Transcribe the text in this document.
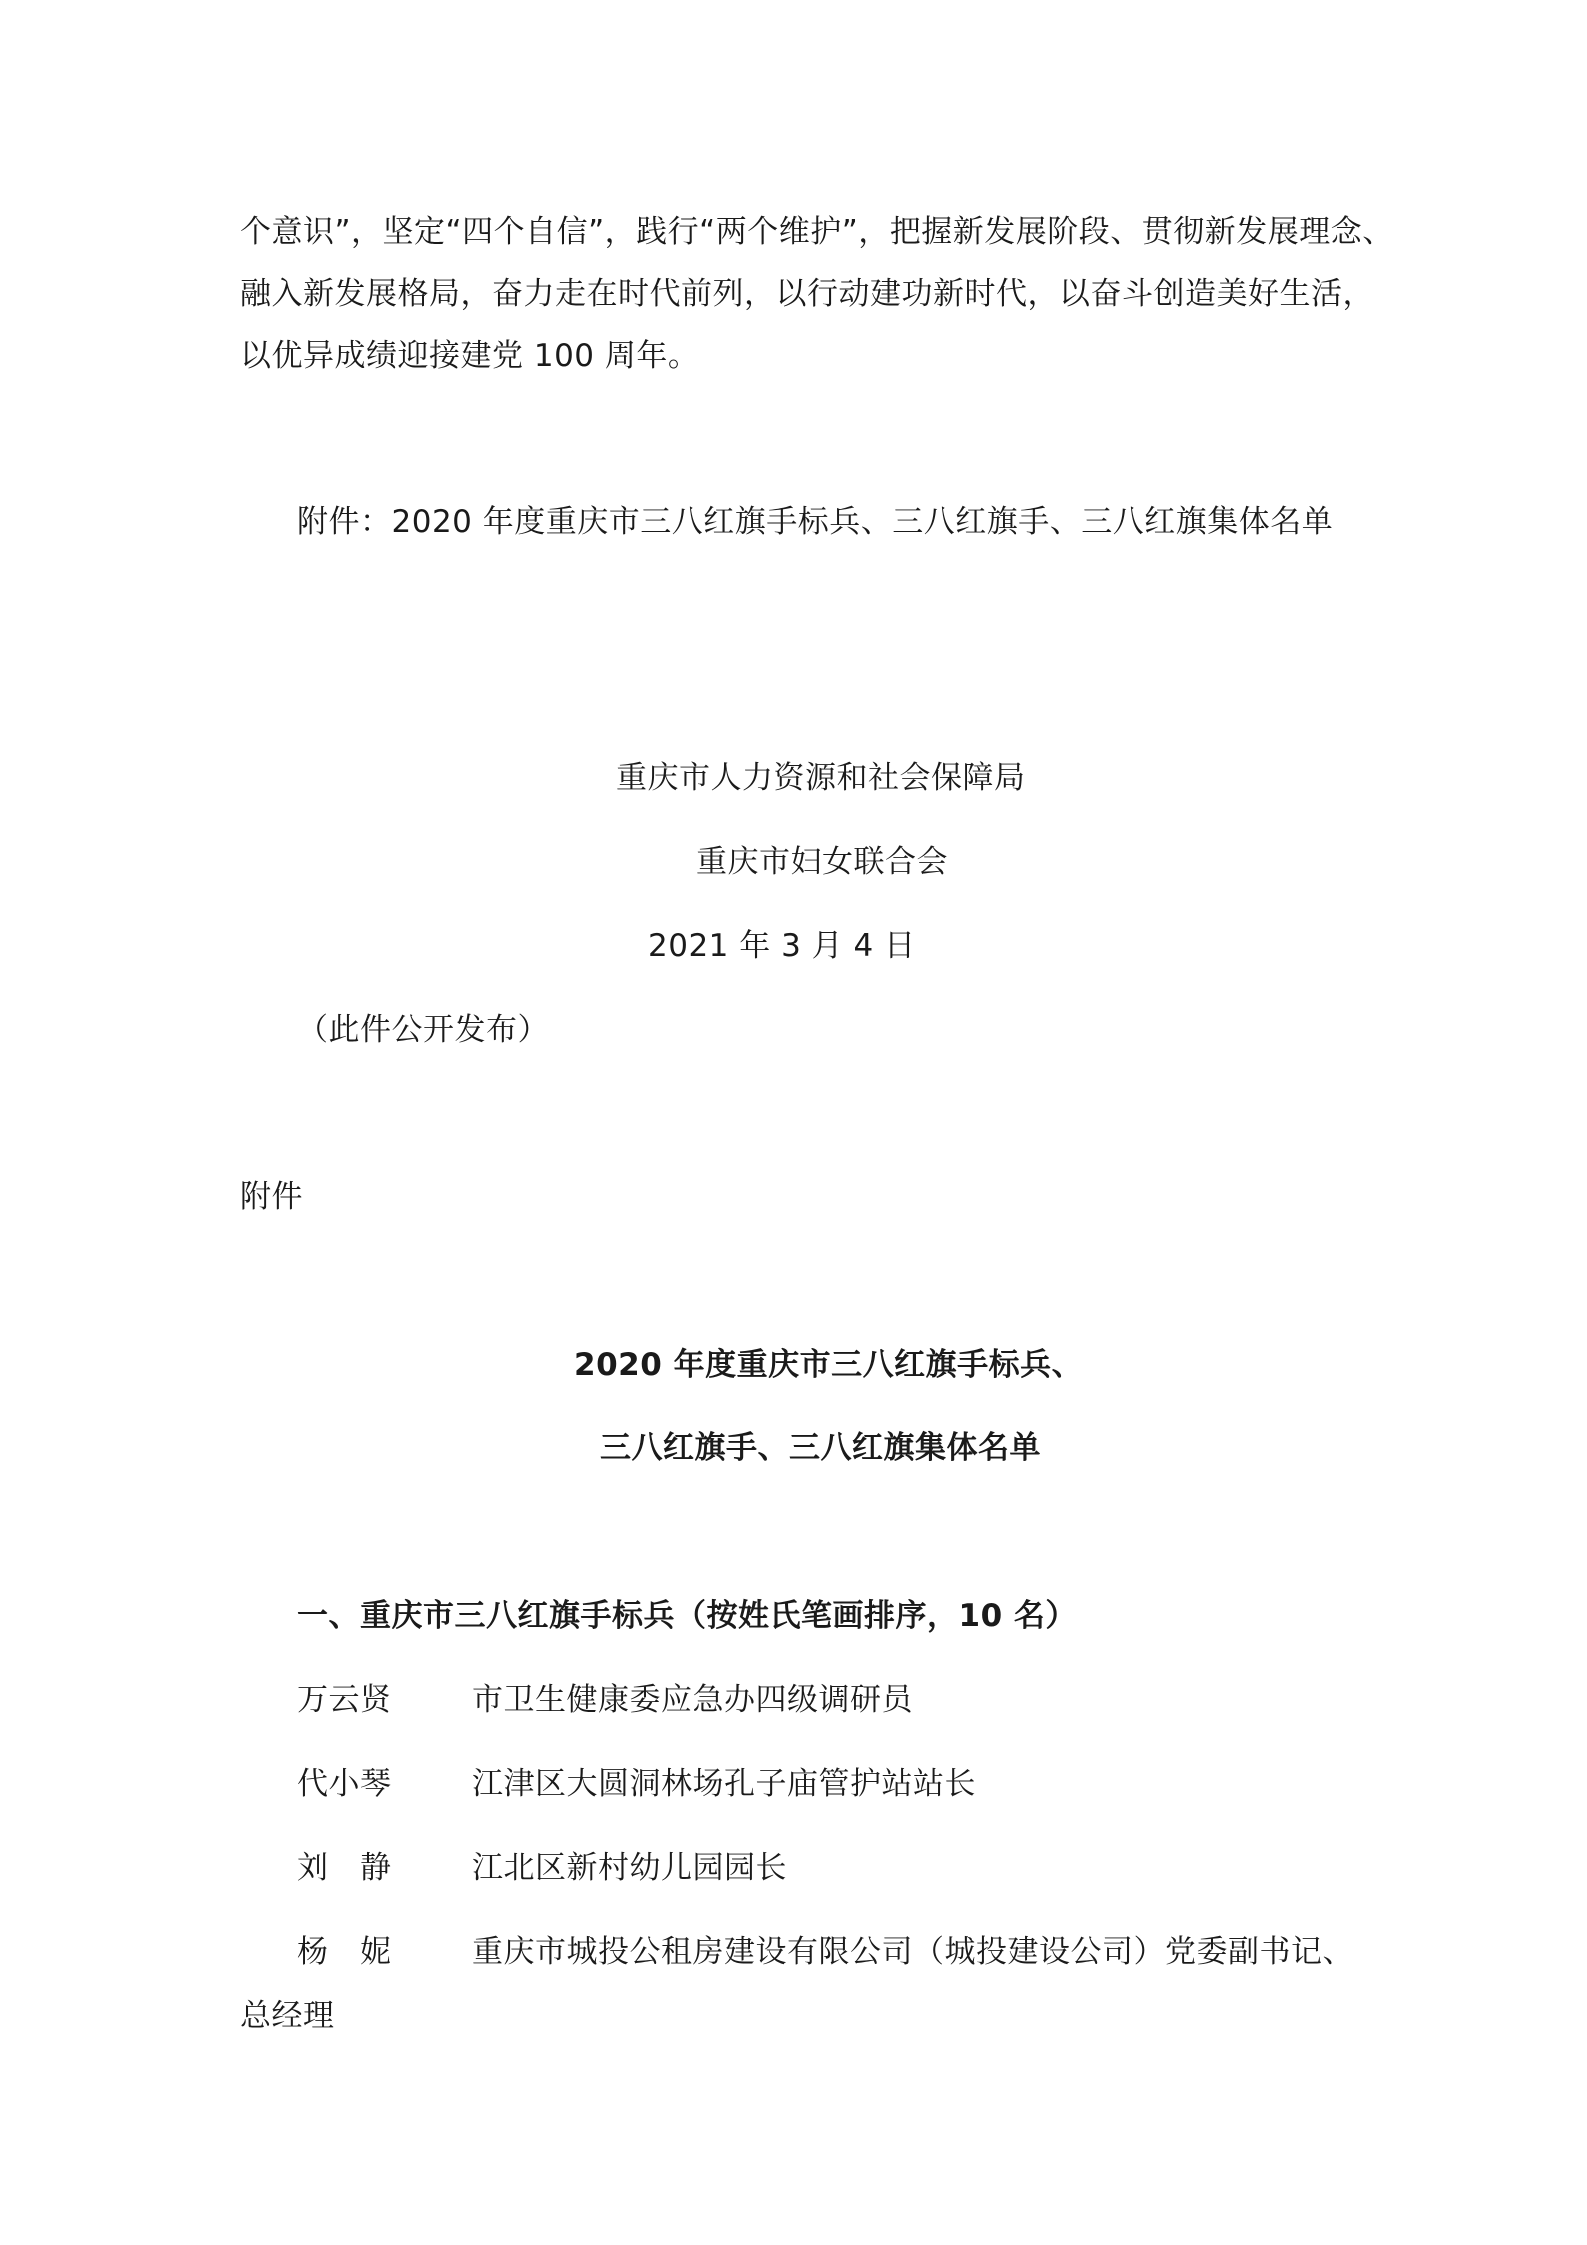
个意识”，坚定“四个自信”，践行“两个维护”，把握新发展阶段、贯彻新发展理念、
融入新发展格局，奋力走在时代前列，以行动建功新时代，以奋斗创造美好生活，
以优异成绩迎接建党 100 周年。
附件：2020 年度重庆市三八红旗手标兵、三八红旗手、三八红旗集体名单
重庆市人力资源和社会保障局
重庆市妇女联合会
2021 年 3 月 4 日
（此件公开发布）
附件
2020 年度重庆市三八红旗手标兵、
三八红旗手、三八红旗集体名单
一、重庆市三八红旗手标兵（按姓氏笔画排序，10 名）
万云贤	市卫生健康委应急办四级调研员
代小琴	江津区大圆洞林场孔子庙管护站站长
刘　静	江北区新村幼儿园园长
杨　妮	重庆市城投公租房建设有限公司（城投建设公司）党委副书记、
总经理
